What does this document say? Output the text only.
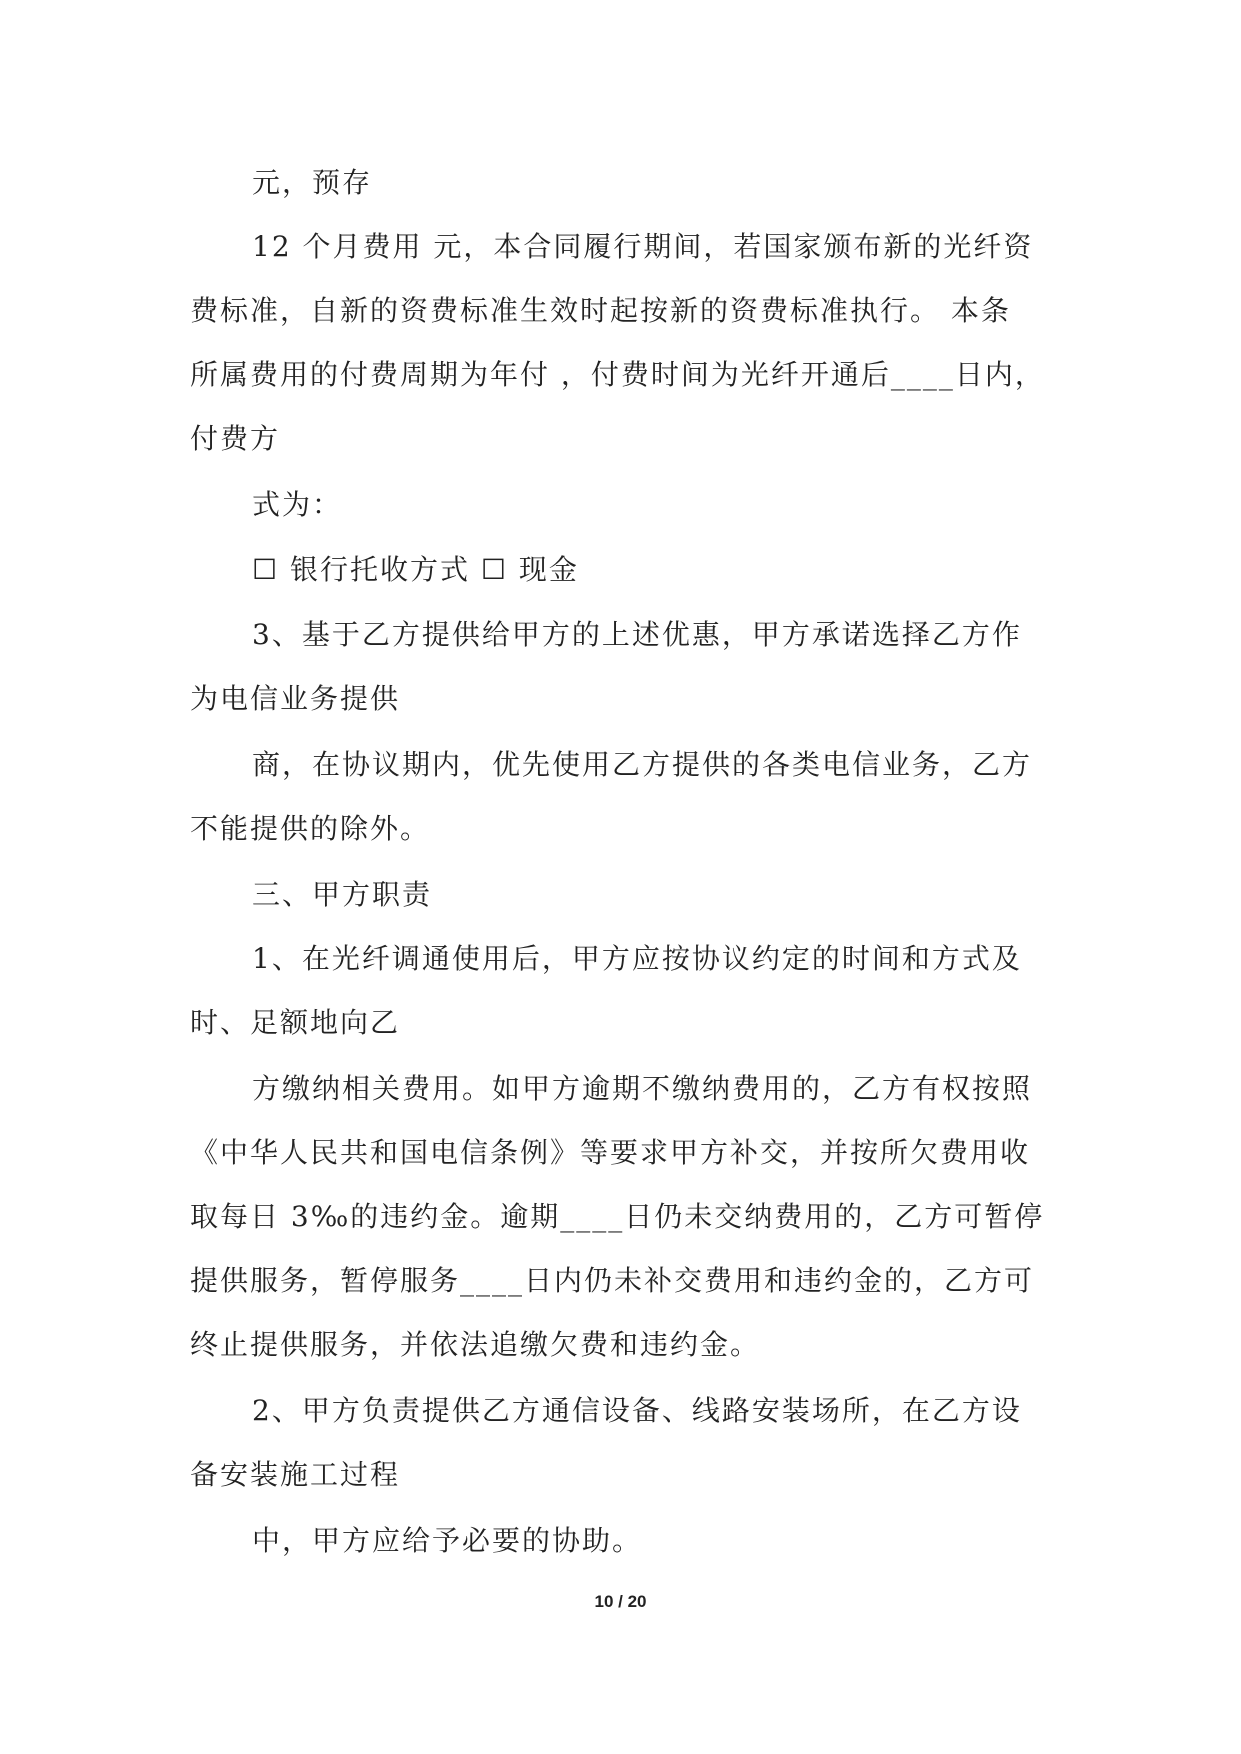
元，预存
12 个月费用 元，本合同履行期间，若国家颁布新的光纤资
费标准，自新的资费标准生效时起按新的资费标准执行。 本条
所属费用的付费周期为年付 ，付费时间为光纤开通后____日内，
付费方
式为：
☐ 银行托收方式 ☐ 现金
3、基于乙方提供给甲方的上述优惠，甲方承诺选择乙方作
为电信业务提供
商，在协议期内，优先使用乙方提供的各类电信业务，乙方
不能提供的除外。
三、甲方职责
1、在光纤调通使用后，甲方应按协议约定的时间和方式及
时、足额地向乙
方缴纳相关费用。如甲方逾期不缴纳费用的，乙方有权按照
《中华人民共和国电信条例》等要求甲方补交，并按所欠费用收
取每日 3‰的违约金。逾期____日仍未交纳费用的，乙方可暂停
提供服务，暂停服务____日内仍未补交费用和违约金的，乙方可
终止提供服务，并依法追缴欠费和违约金。
2、甲方负责提供乙方通信设备、线路安装场所，在乙方设
备安装施工过程
中，甲方应给予必要的协助。
10 / 20
